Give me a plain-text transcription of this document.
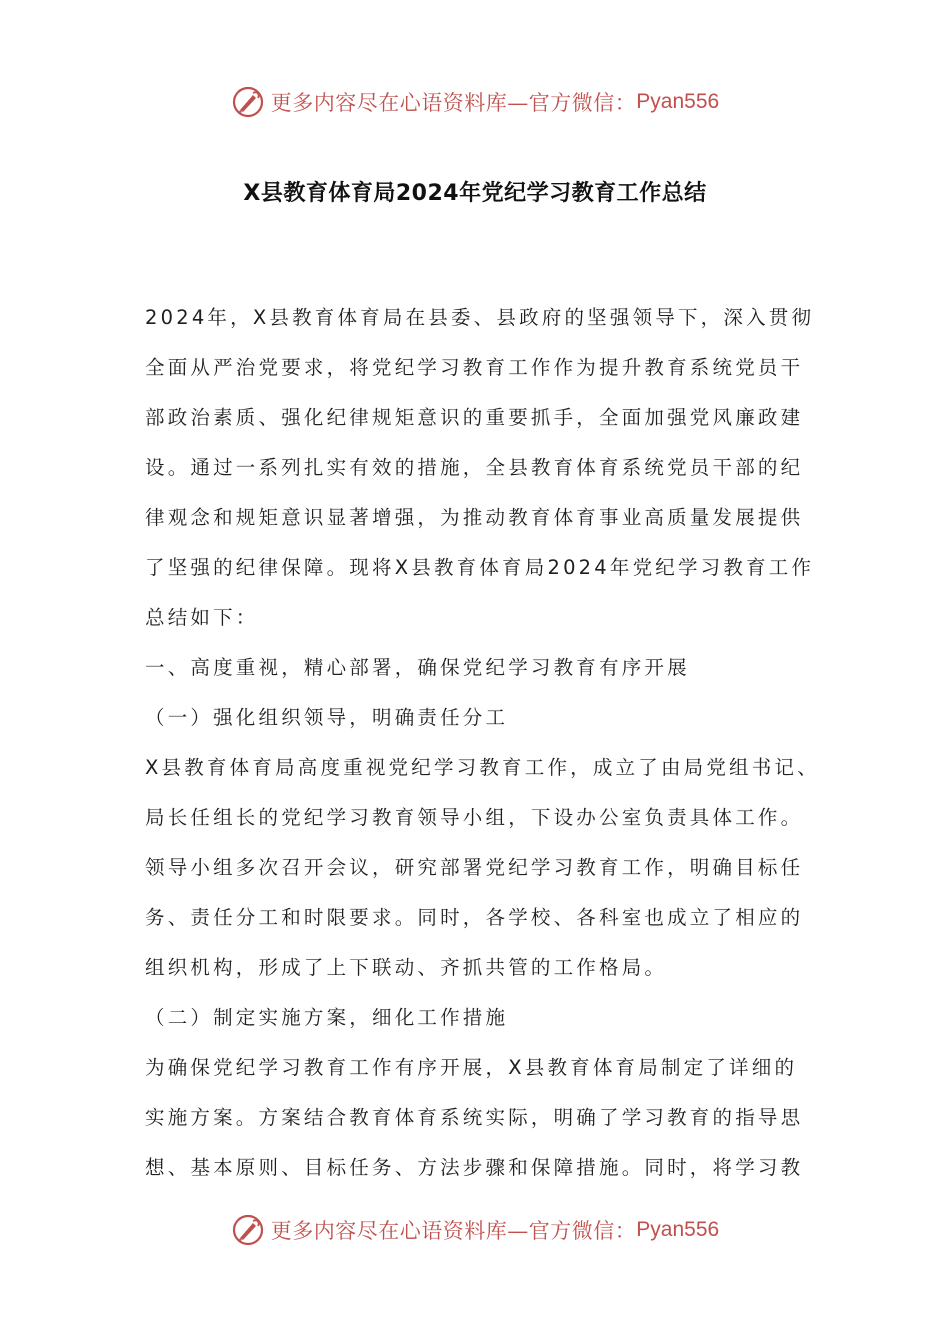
更多内容尽在心语资料库—官方微信： Pyan556
X县教育体育局2024年党纪学习教育工作总结
2024年，X县教育体育局在县委、县政府的坚强领导下，深入贯彻
全面从严治党要求，将党纪学习教育工作作为提升教育系统党员干
部政治素质、强化纪律规矩意识的重要抓手，全面加强党风廉政建
设。通过一系列扎实有效的措施，全县教育体育系统党员干部的纪
律观念和规矩意识显著增强，为推动教育体育事业高质量发展提供
了坚强的纪律保障。现将X县教育体育局2024年党纪学习教育工作
总结如下：
一、高度重视，精心部署，确保党纪学习教育有序开展
（一）强化组织领导，明确责任分工
X县教育体育局高度重视党纪学习教育工作，成立了由局党组书记、
局长任组长的党纪学习教育领导小组，下设办公室负责具体工作。
领导小组多次召开会议，研究部署党纪学习教育工作，明确目标任
务、责任分工和时限要求。同时，各学校、各科室也成立了相应的
组织机构，形成了上下联动、齐抓共管的工作格局。
（二）制定实施方案，细化工作措施
为确保党纪学习教育工作有序开展，X县教育体育局制定了详细的
实施方案。方案结合教育体育系统实际，明确了学习教育的指导思
想、基本原则、目标任务、方法步骤和保障措施。同时，将学习教
更多内容尽在心语资料库—官方微信： Pyan556
